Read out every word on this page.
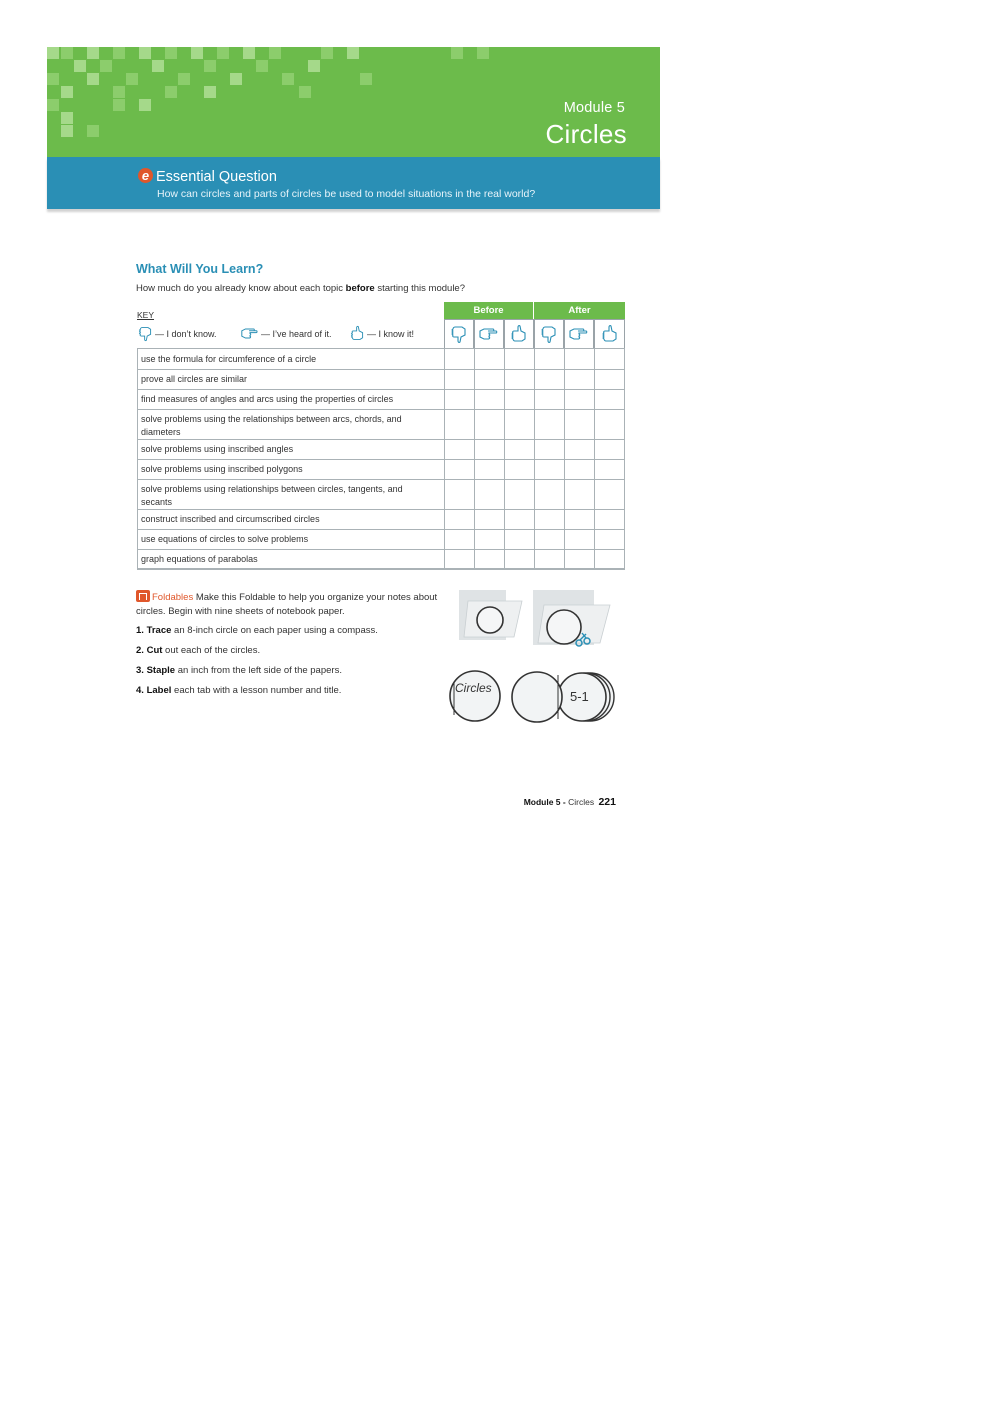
Module 5
Circles
e Essential Question
How can circles and parts of circles be used to model situations in the real world?
What Will You Learn?
How much do you already know about each topic before starting this module?
KEY
— I don’t know.	— I’ve heard of it.	— I know it!
Before	After
use the formula for circumference of a circle
prove all circles are similar
find measures of angles and arcs using the properties of circles
solve problems using the relationships between arcs, chords, and diameters
solve problems using inscribed angles
solve problems using inscribed polygons
solve problems using relationships between circles, tangents, and secants
construct inscribed and circumscribed circles
use equations of circles to solve problems
graph equations of parabolas
Foldables Make this Foldable to help you organize your notes about circles. Begin with nine sheets of notebook paper.
1. Trace an 8-inch circle on each paper using a compass.
2. Cut out each of the circles.
3. Staple an inch from the left side of the papers.
4. Label each tab with a lesson number and title.	Circles
5-1
Module 5 - Circles 221
